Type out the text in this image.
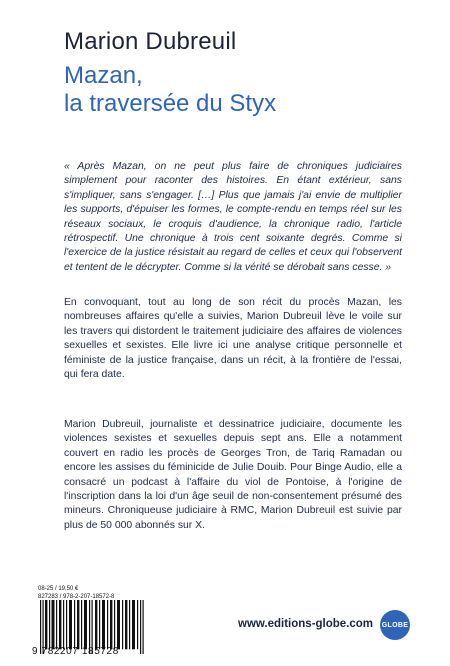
Marion Dubreuil
Mazan,
la traversée du Styx
« Après Mazan, on ne peut plus faire de chroniques judiciaires simplement pour raconter des histoires. En étant extérieur, sans s'impliquer, sans s'engager. […] Plus que jamais j'ai envie de multiplier les supports, d'épuiser les formes, le compte-rendu en temps réel sur les réseaux sociaux, le croquis d'audience, la chronique radio, l'article rétrospectif. Une chronique à trois cent soixante degrés. Comme si l'exercice de la justice résistait au regard de celles et ceux qui l'observent et tentent de le décrypter. Comme si la vérité se dérobait sans cesse. »
En convoquant, tout au long de son récit du procès Mazan, les nombreuses affaires qu'elle a suivies, Marion Dubreuil lève le voile sur les travers qui distordent le traitement judiciaire des affaires de violences sexuelles et sexistes. Elle livre ici une analyse critique personnelle et féministe de la justice française, dans un récit, à la frontière de l'essai, qui fera date.
Marion Dubreuil, journaliste et dessinatrice judiciaire, documente les violences sexistes et sexuelles depuis sept ans. Elle a notamment couvert en radio les procès de Georges Tron, de Tariq Ramadan ou encore les assises du féminicide de Julie Douib. Pour Binge Audio, elle a consacré un podcast à l'affaire du viol de Pontoise, à l'origine de l'inscription dans la loi d'un âge seuil de non-consentement présumé des mineurs. Chroniqueuse judiciaire à RMC, Marion Dubreuil est suivie par plus de 50 000 abonnés sur X.
08-25 / 19,50 €
827283 / 978-2-207-18572-8
9 782207 185728
www.editions-globe.com GLOBE
